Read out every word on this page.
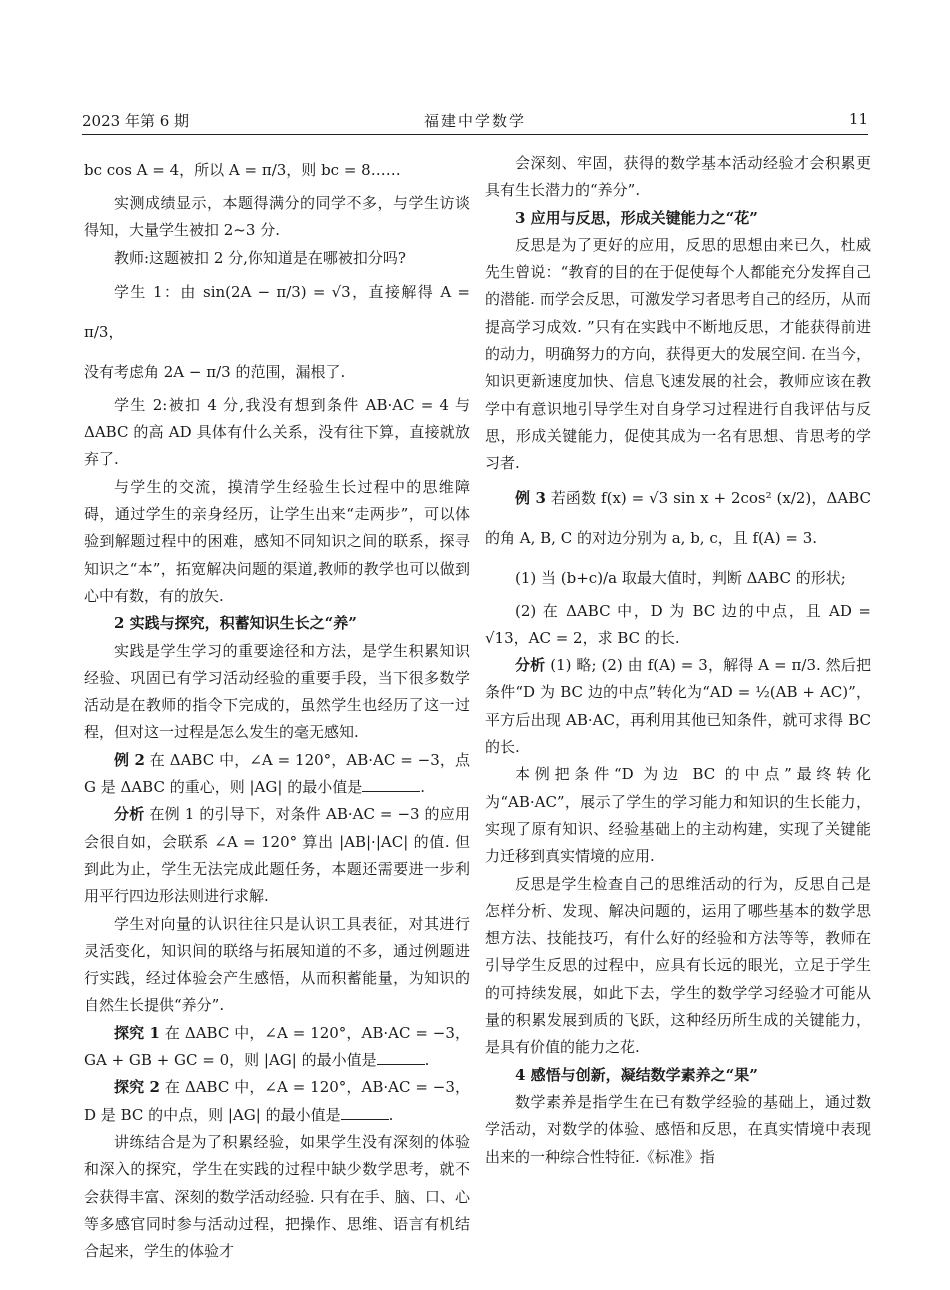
2023 年第 6 期	福建中学数学	11

bc cos A = 4，所以 A = π/3，则 bc = 8……

实测成绩显示，本题得满分的同学不多，与学生访谈得知，大量学生被扣 2~3 分.

教师:这题被扣 2 分,你知道是在哪被扣分吗?

学生 1：由 sin(2A − π/3) = √3，直接解得 A = π/3，

没有考虑角 2A − π/3 的范围，漏根了.

学生 2:被扣 4 分,我没有想到条件 AB·AC = 4 与 ΔABC 的高 AD 具体有什么关系，没有往下算，直接就放弃了.

与学生的交流，摸清学生经验生长过程中的思维障碍，通过学生的亲身经历，让学生出来“走两步”，可以体验到解题过程中的困难，感知不同知识之间的联系，探寻知识之“本”，拓宽解决问题的渠道,教师的教学也可以做到心中有数，有的放矢.

2 实践与探究，积蓄知识生长之“养”

实践是学生学习的重要途径和方法，是学生积累知识经验、巩固已有学习活动经验的重要手段，当下很多数学活动是在教师的指令下完成的，虽然学生也经历了这一过程，但对这一过程是怎么发生的毫无感知.

例 2 在 ΔABC 中，∠A = 120°，AB·AC = −3，点 G 是 ΔABC 的重心，则 |AG| 的最小值是	.

分析 在例 1 的引导下，对条件 AB·AC = −3 的应用会很自如，会联系 ∠A = 120° 算出 |AB|·|AC| 的值. 但到此为止，学生无法完成此题任务，本题还需要进一步利用平行四边形法则进行求解.

学生对向量的认识往往只是认识工具表征，对其进行灵活变化，知识间的联络与拓展知道的不多，通过例题进行实践，经过体验会产生感悟，从而积蓄能量，为知识的自然生长提供“养分”.

探究 1 在 ΔABC 中，∠A = 120°，AB·AC = −3，GA + GB + GC = 0，则 |AG| 的最小值是	.

探究 2 在 ΔABC 中，∠A = 120°，AB·AC = −3，D 是 BC 的中点，则 |AG| 的最小值是	.

讲练结合是为了积累经验，如果学生没有深刻的体验和深入的探究，学生在实践的过程中缺少数学思考，就不会获得丰富、深刻的数学活动经验. 只有在手、脑、口、心等多感官同时参与活动过程，把操作、思维、语言有机结合起来，学生的体验才

会深刻、牢固，获得的数学基本活动经验才会积累更具有生长潜力的“养分”.

3 应用与反思，形成关键能力之“花”

反思是为了更好的应用，反思的思想由来已久，杜威先生曾说：“教育的目的在于促使每个人都能充分发挥自己的潜能. 而学会反思，可激发学习者思考自己的经历，从而提高学习成效. ”只有在实践中不断地反思，才能获得前进的动力，明确努力的方向，获得更大的发展空间. 在当今，知识更新速度加快、信息飞速发展的社会，教师应该在教学中有意识地引导学生对自身学习过程进行自我评估与反思，形成关键能力，促使其成为一名有思想、肯思考的学习者.

例 3 若函数 f(x) = √3 sin x + 2cos² (x/2)，ΔABC 的角 A, B, C 的对边分别为 a, b, c，且 f(A) = 3.

(1) 当 (b+c)/a 取最大值时，判断 ΔABC 的形状;

(2) 在 ΔABC 中，D 为 BC 边的中点，且 AD = √13，AC = 2，求 BC 的长.

分析 (1) 略; (2) 由 f(A) = 3，解得 A = π/3. 然后把条件“D 为 BC 边的中点”转化为“AD = ½(AB + AC)”，平方后出现 AB·AC，再利用其他已知条件，就可求得 BC 的长.

本例把条件“D 为边 BC 的中点”最终转化为“AB·AC”，展示了学生的学习能力和知识的生长能力，实现了原有知识、经验基础上的主动构建，实现了关键能力迁移到真实情境的应用.

反思是学生检查自己的思维活动的行为，反思自己是怎样分析、发现、解决问题的，运用了哪些基本的数学思想方法、技能技巧，有什么好的经验和方法等等，教师在引导学生反思的过程中，应具有长远的眼光，立足于学生的可持续发展，如此下去，学生的数学学习经验才可能从量的积累发展到质的飞跃，这种经历所生成的关键能力，是具有价值的能力之花.

4 感悟与创新，凝结数学素养之“果”

数学素养是指学生在已有数学经验的基础上，通过数学活动，对数学的体验、感悟和反思，在真实情境中表现出来的一种综合性特征.《标准》指
